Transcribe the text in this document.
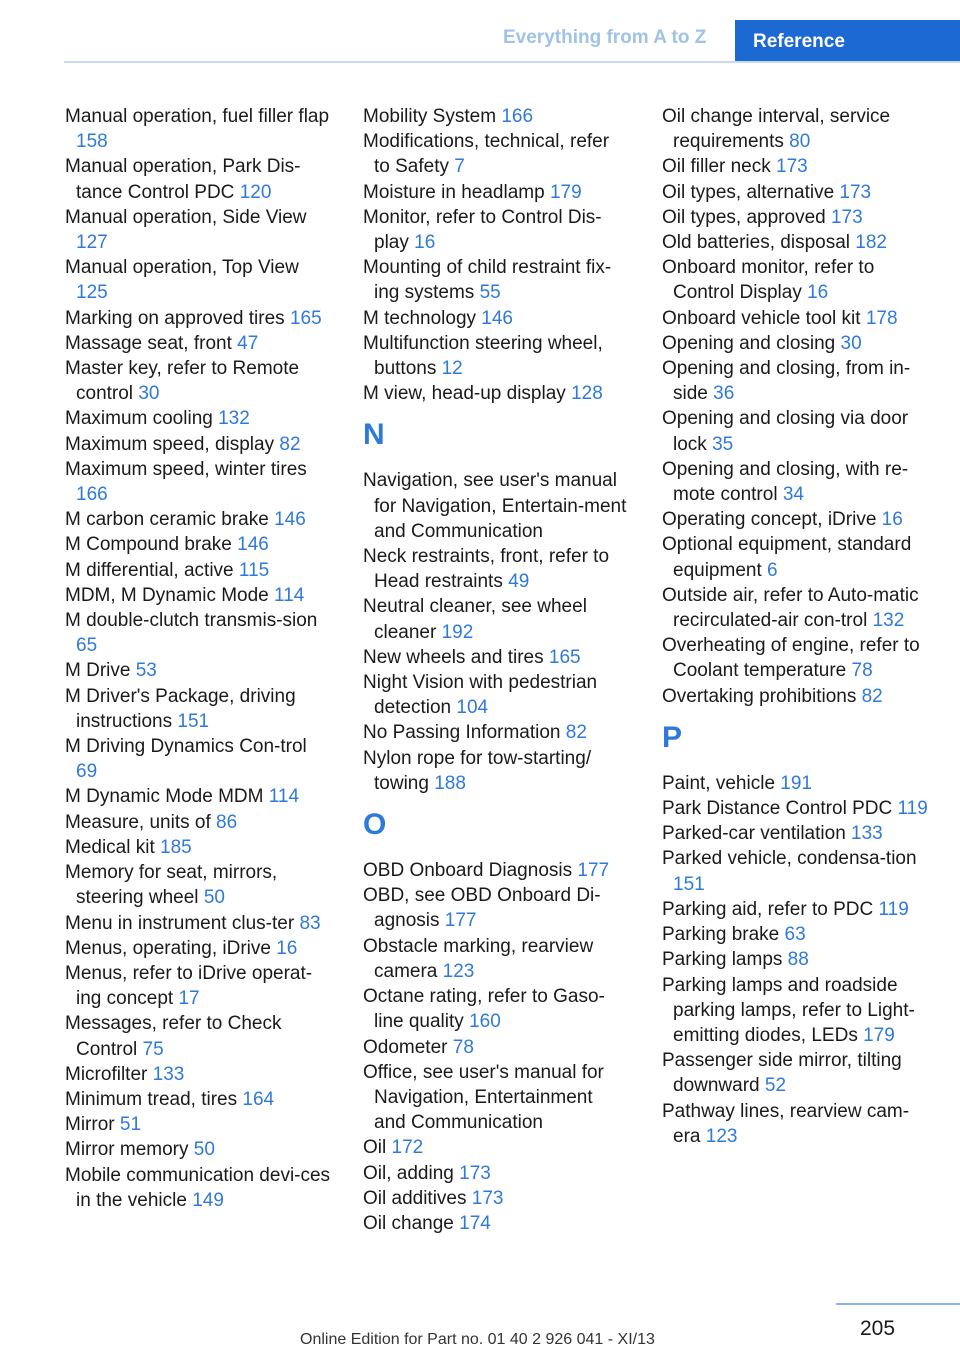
Everything from A to Z	Reference
Manual operation, fuel filler flap 158
Manual operation, Park Dis‐tance Control PDC 120
Manual operation, Side View 127
Manual operation, Top View 125
Marking on approved tires 165
Massage seat, front 47
Master key, refer to Remote control 30
Maximum cooling 132
Maximum speed, display 82
Maximum speed, winter tires 166
M carbon ceramic brake 146
M Compound brake 146
M differential, active 115
MDM, M Dynamic Mode 114
M double-clutch transmis‐sion 65
M Drive 53
M Driver's Package, driving instructions 151
M Driving Dynamics Con‐trol 69
M Dynamic Mode MDM 114
Measure, units of 86
Medical kit 185
Memory for seat, mirrors, steering wheel 50
Menu in instrument clus‐ter 83
Menus, operating, iDrive 16
Menus, refer to iDrive operat‐ing concept 17
Messages, refer to Check Control 75
Microfilter 133
Minimum tread, tires 164
Mirror 51
Mirror memory 50
Mobile communication devi‐ces in the vehicle 149
Mobility System 166
Modifications, technical, refer to Safety 7
Moisture in headlamp 179
Monitor, refer to Control Dis‐play 16
Mounting of child restraint fix‐ing systems 55
M technology 146
Multifunction steering wheel, buttons 12
M view, head-up display 128
N
Navigation, see user's manual for Navigation, Entertain‐ment and Communication
Neck restraints, front, refer to Head restraints 49
Neutral cleaner, see wheel cleaner 192
New wheels and tires 165
Night Vision with pedestrian detection 104
No Passing Information 82
Nylon rope for tow-starting/ towing 188
O
OBD Onboard Diagnosis 177
OBD, see OBD Onboard Di‐agnosis 177
Obstacle marking, rearview camera 123
Octane rating, refer to Gaso‐line quality 160
Odometer 78
Office, see user's manual for Navigation, Entertainment and Communication
Oil 172
Oil, adding 173
Oil additives 173
Oil change 174
Oil change interval, service requirements 80
Oil filler neck 173
Oil types, alternative 173
Oil types, approved 173
Old batteries, disposal 182
Onboard monitor, refer to Control Display 16
Onboard vehicle tool kit 178
Opening and closing 30
Opening and closing, from in‐side 36
Opening and closing via door lock 35
Opening and closing, with re‐mote control 34
Operating concept, iDrive 16
Optional equipment, standard equipment 6
Outside air, refer to Auto‐matic recirculated-air con‐trol 132
Overheating of engine, refer to Coolant temperature 78
Overtaking prohibitions 82
P
Paint, vehicle 191
Park Distance Control PDC 119
Parked-car ventilation 133
Parked vehicle, condensa‐tion 151
Parking aid, refer to PDC 119
Parking brake 63
Parking lamps 88
Parking lamps and roadside parking lamps, refer to Light-emitting diodes, LEDs 179
Passenger side mirror, tilting downward 52
Pathway lines, rearview cam‐era 123
205
Online Edition for Part no. 01 40 2 926 041 - XI/13
